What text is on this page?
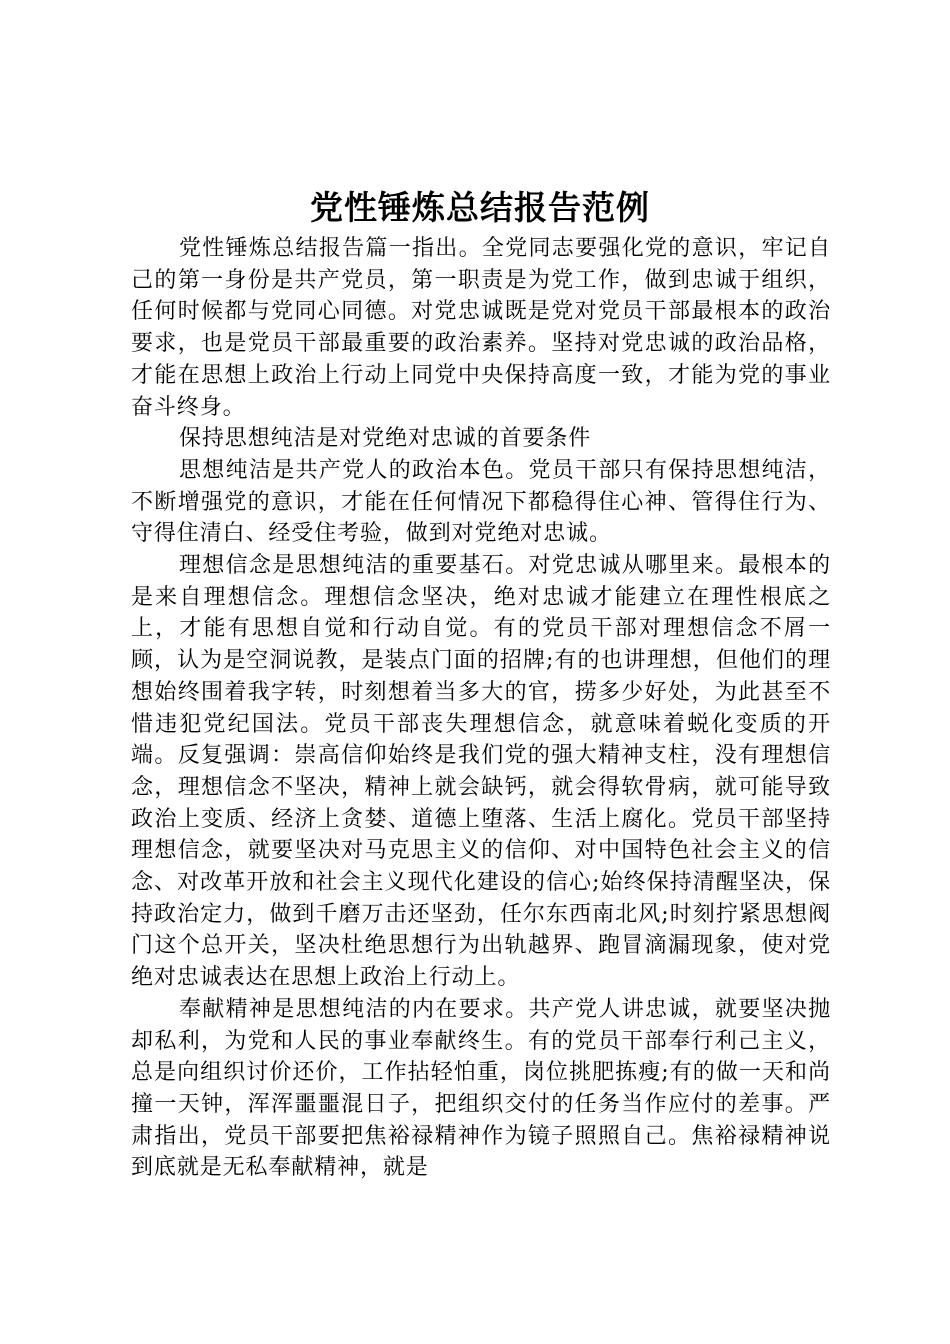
党性锤炼总结报告范例

党性锤炼总结报告篇一指出。全党同志要强化党的意识，牢记自己的第一身份是共产党员，第一职责是为党工作，做到忠诚于组织，任何时候都与党同心同德。对党忠诚既是党对党员干部最根本的政治要求，也是党员干部最重要的政治素养。坚持对党忠诚的政治品格，才能在思想上政治上行动上同党中央保持高度一致，才能为党的事业奋斗终身。

保持思想纯洁是对党绝对忠诚的首要条件

思想纯洁是共产党人的政治本色。党员干部只有保持思想纯洁，不断增强党的意识，才能在任何情况下都稳得住心神、管得住行为、守得住清白、经受住考验，做到对党绝对忠诚。

理想信念是思想纯洁的重要基石。对党忠诚从哪里来。最根本的是来自理想信念。理想信念坚决，绝对忠诚才能建立在理性根底之上，才能有思想自觉和行动自觉。有的党员干部对理想信念不屑一顾，认为是空洞说教，是装点门面的招牌;有的也讲理想，但他们的理想始终围着我字转，时刻想着当多大的官，捞多少好处，为此甚至不惜违犯党纪国法。党员干部丧失理想信念，就意味着蜕化变质的开端。反复强调：崇高信仰始终是我们党的强大精神支柱，没有理想信念，理想信念不坚决，精神上就会缺钙，就会得软骨病，就可能导致政治上变质、经济上贪婪、道德上堕落、生活上腐化。党员干部坚持理想信念，就要坚决对马克思主义的信仰、对中国特色社会主义的信念、对改革开放和社会主义现代化建设的信心;始终保持清醒坚决，保持政治定力，做到千磨万击还坚劲，任尔东西南北风;时刻拧紧思想阀门这个总开关，坚决杜绝思想行为出轨越界、跑冒滴漏现象，使对党绝对忠诚表达在思想上政治上行动上。

奉献精神是思想纯洁的内在要求。共产党人讲忠诚，就要坚决抛却私利，为党和人民的事业奉献终生。有的党员干部奉行利己主义，总是向组织讨价还价，工作拈轻怕重，岗位挑肥拣瘦;有的做一天和尚撞一天钟，浑浑噩噩混日子，把组织交付的任务当作应付的差事。严肃指出，党员干部要把焦裕禄精神作为镜子照照自己。焦裕禄精神说到底就是无私奉献精神，就是
